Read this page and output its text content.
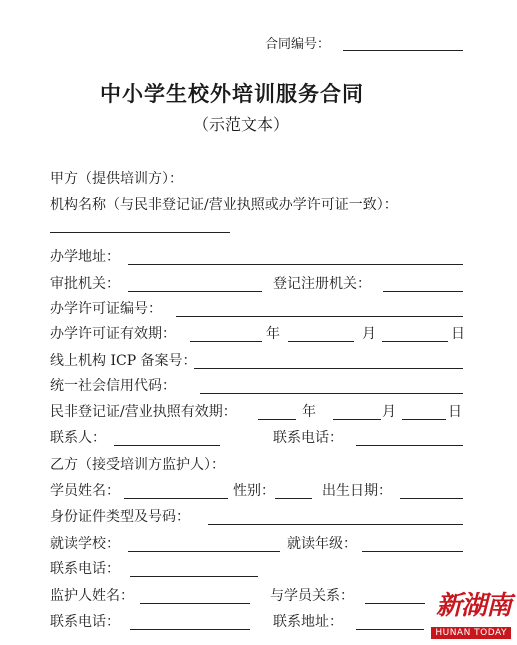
合同编号：
中小学生校外培训服务合同
（示范文本）
甲方（提供培训方）：
机构名称（与民非登记证/营业执照或办学许可证一致）：
办学地址：
审批机关：	登记注册机关：
办学许可证编号：
办学许可证有效期：	年	月	日
线上机构 ICP 备案号：
统一社会信用代码：
民非登记证/营业执照有效期：	年	月	日
联系人：	联系电话：
乙方（接受培训方监护人）：
学员姓名：	性别：	出生日期：
身份证件类型及号码：
就读学校：	就读年级：
联系电话：
监护人姓名：	与学员关系：
联系电话：	联系地址：
新湖南
HUNAN TODAY
